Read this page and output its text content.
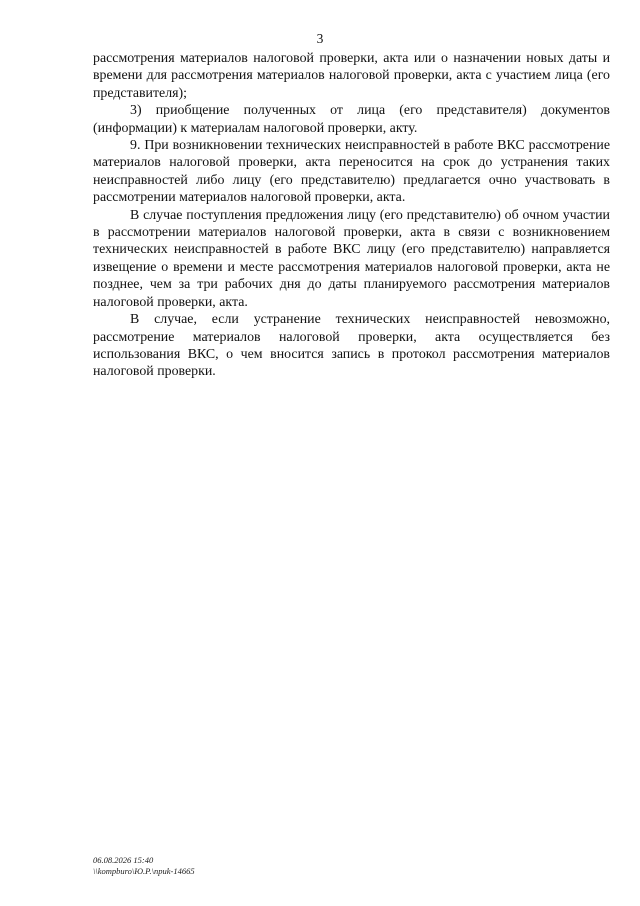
3

рассмотрения материалов налоговой проверки, акта или о назначении новых даты и времени для рассмотрения материалов налоговой проверки, акта с участием лица (его представителя);

3) приобщение полученных от лица (его представителя) документов (информации) к материалам налоговой проверки, акту.

9. При возникновении технических неисправностей в работе ВКС рассмотрение материалов налоговой проверки, акта переносится на срок до устранения таких неисправностей либо лицу (его представителю) предлагается очно участвовать в рассмотрении материалов налоговой проверки, акта.

В случае поступления предложения лицу (его представителю) об очном участии в рассмотрении материалов налоговой проверки, акта в связи с возникновением технических неисправностей в работе ВКС лицу (его представителю) направляется извещение о времени и месте рассмотрения материалов налоговой проверки, акта не позднее, чем за три рабочих дня до даты планируемого рассмотрения материалов налоговой проверки, акта.

В случае, если устранение технических неисправностей невозможно, рассмотрение материалов налоговой проверки, акта осуществляется без использования ВКС, о чем вносится запись в протокол рассмотрения материалов налоговой проверки.

06.08.2026 15:40
\\kompburo\Ю.Р.\приk-14665
